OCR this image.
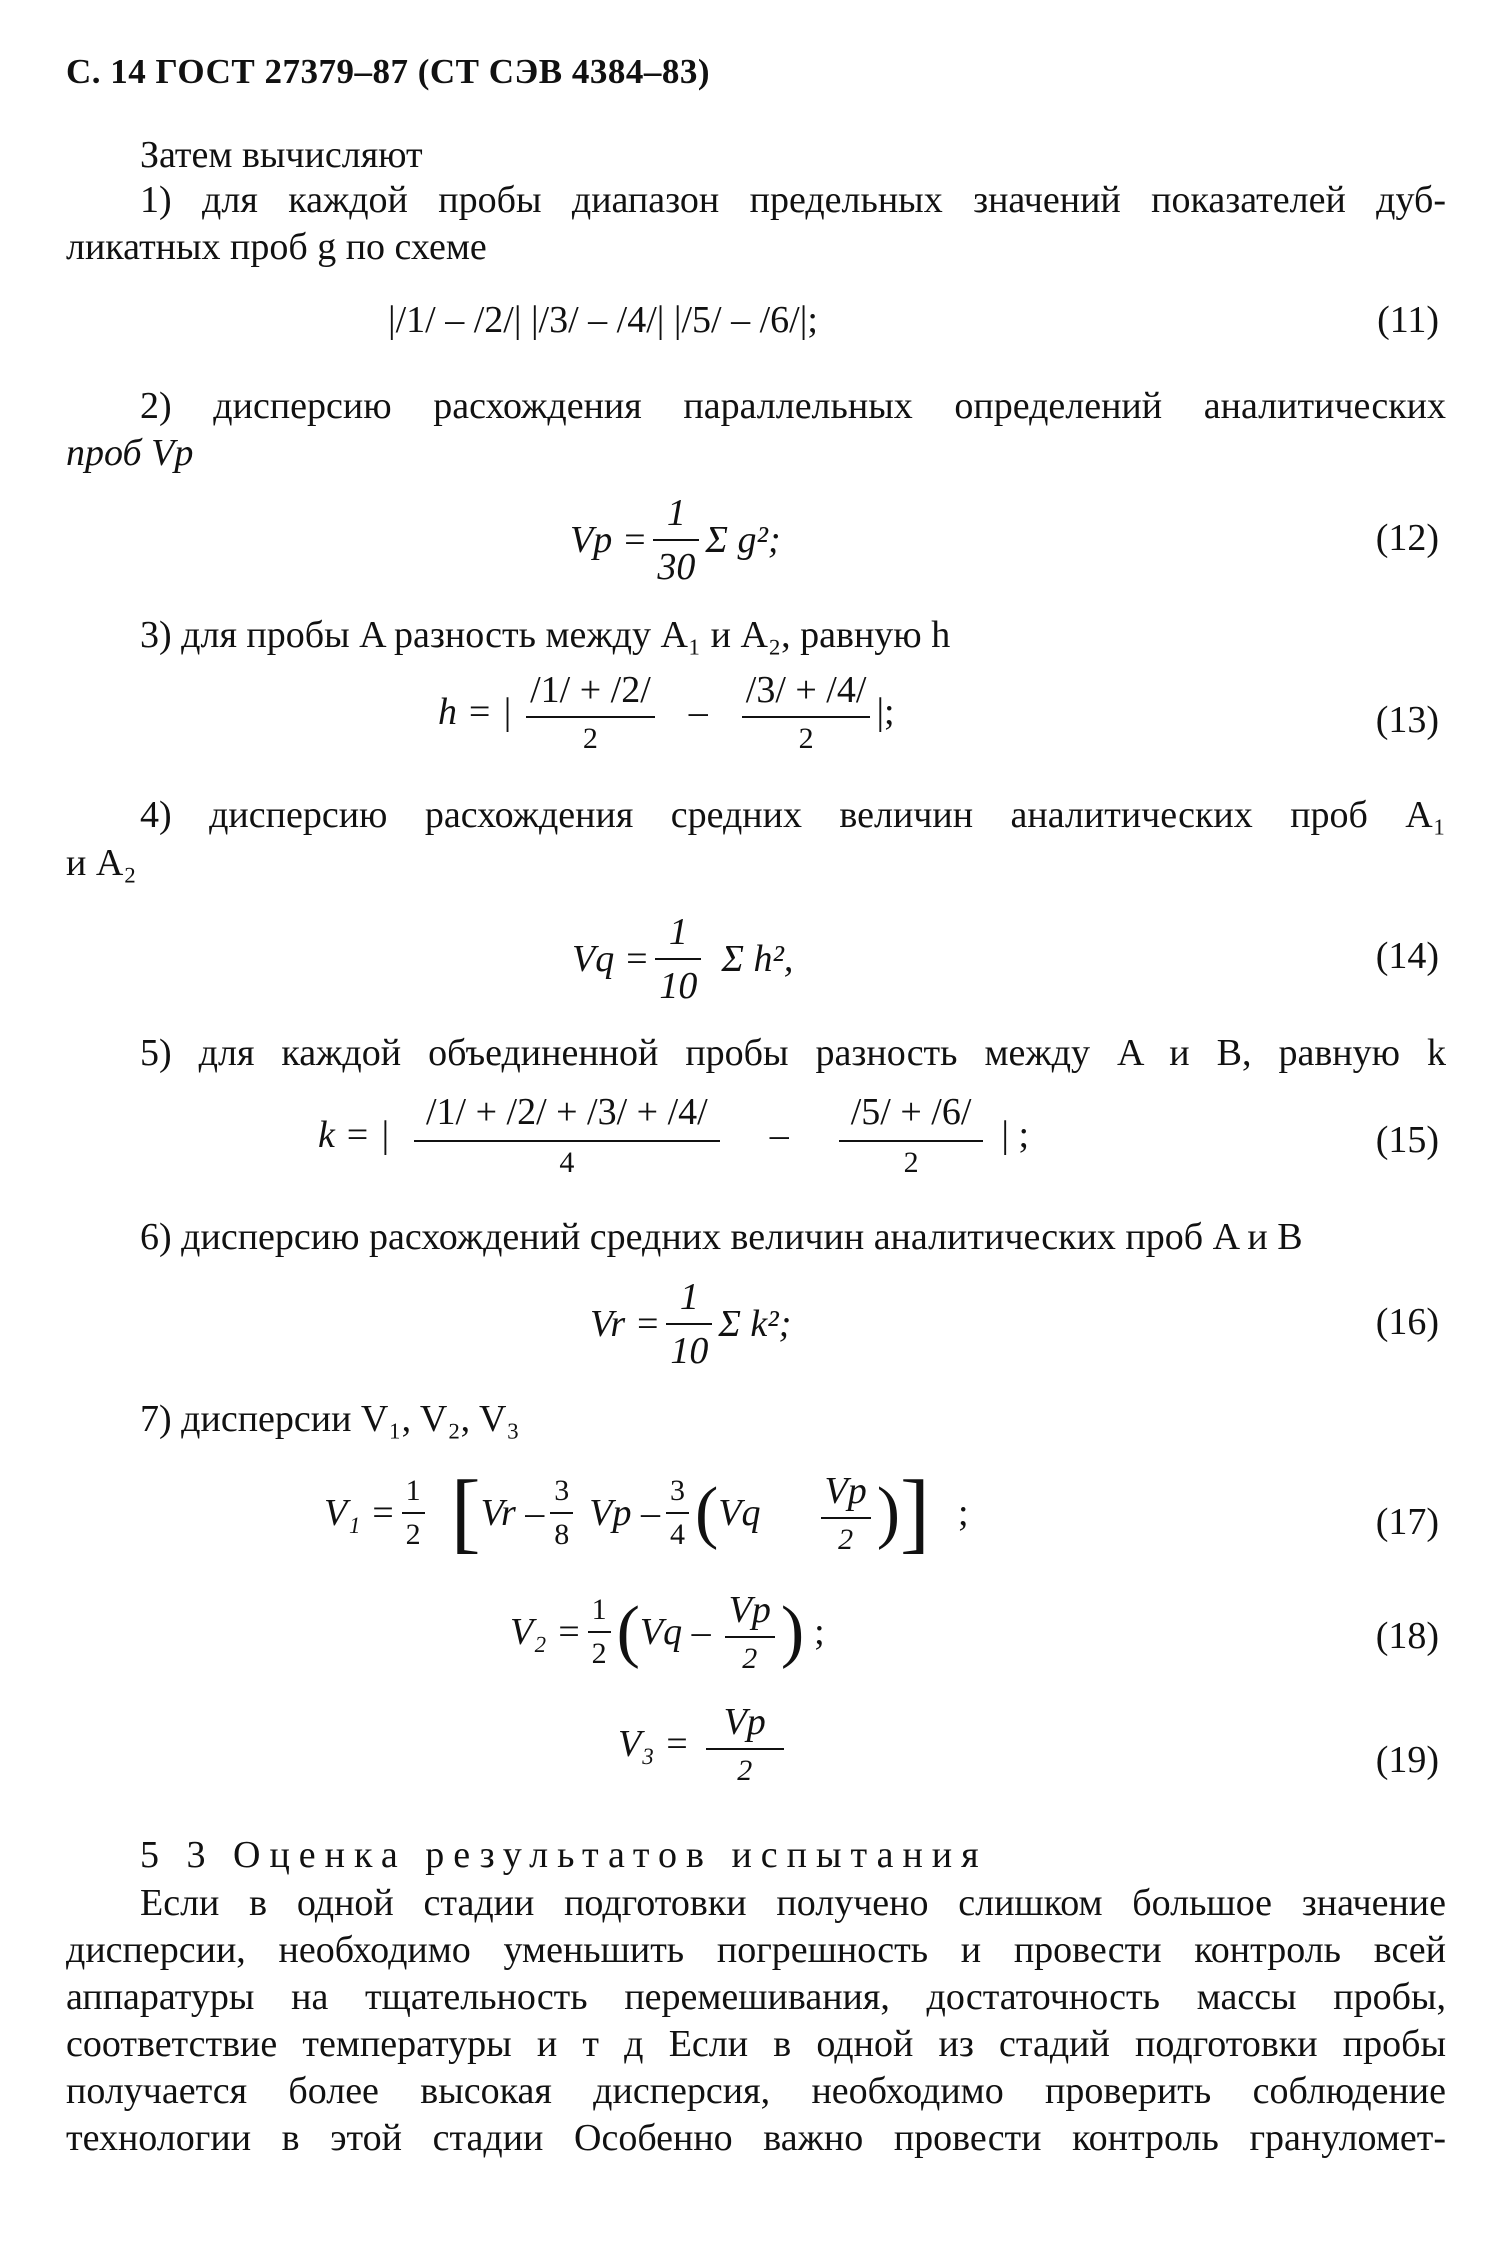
С. 14 ГОСТ 27379–87 (СТ СЭВ 4384–83)
Затем вычисляют
1) для каждой пробы диапазон предельных значений показателей дуб-
ликатных проб g по схеме
|/1/ – /2/| |/3/ – /4/| |/5/ – /6/|;	(11)
2) дисперсию расхождения параллельных определений аналитических
проб Vp
$Vp = \frac{1}{30}$ Σ g²;	(12)
3) для пробы A разность между A₁ и A₂, равную h
h = | $\frac{/1/ + /2/}{2} - \frac{/3/ + /4/}{2}$ |;	(13)
4) дисперсию расхождения средних величин аналитических проб A₁
и A₂
$Vq = \frac{1}{10}$ Σ h²,	(14)
5) для каждой объединенной пробы разность между A и B, равную k
k = | $\frac{/1/ + /2/ + /3/ + /4/}{4} - \frac{/5/ + /6/}{2}$ | ;	(15)
6) дисперсию расхождений средних величин аналитических проб A и B
$Vr = \frac{1}{10}$ Σ k²;	(16)
7) дисперсии V₁, V₂, V₃
$V_1 = \frac{1}{2}$ [ Vr – $\frac{3}{8}$ Vp – $\frac{3}{4}$ ( Vq $\frac{Vp}{2}$ ) ] ;	(17)
$V_2 = \frac{1}{2}$ ( Vq – $\frac{Vp}{2}$ ) ;	(18)
$V_3 = \frac{Vp}{2}$	(19)
5 3 Оценка результатов испытания
Если в одной стадии подготовки получено слишком большое значение
дисперсии, необходимо уменьшить погрешность и провести контроль всей
аппаратуры на тщательность перемешивания, достаточность массы пробы,
соответствие температуры и т д Если в одной из стадий подготовки пробы
получается более высокая дисперсия, необходимо проверить соблюдение
технологии в этой стадии Особенно важно провести контроль грануломет-
